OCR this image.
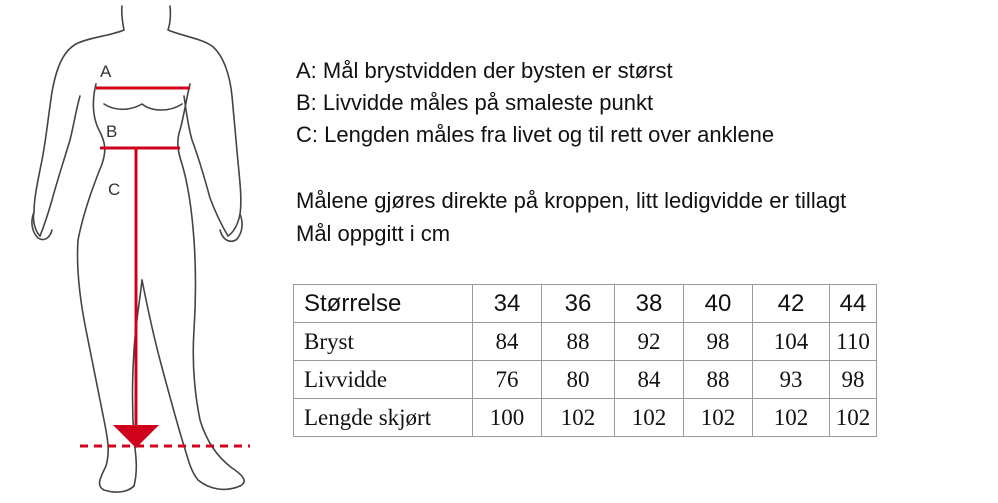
A
B
C
A: Mål brystvidden der bysten er størst
B: Livvidde måles på smaleste punkt
C: Lengden måles fra livet og til rett over anklene
Målene gjøres direkte på kroppen, litt ledigvidde er tillagt
Mål oppgitt i cm
Størrelse	34	36	38	40	42	44
Bryst	84	88	92	98	104	110
Livvidde	76	80	84	88	93	98
Lengde skjørt	100	102	102	102	102	102
